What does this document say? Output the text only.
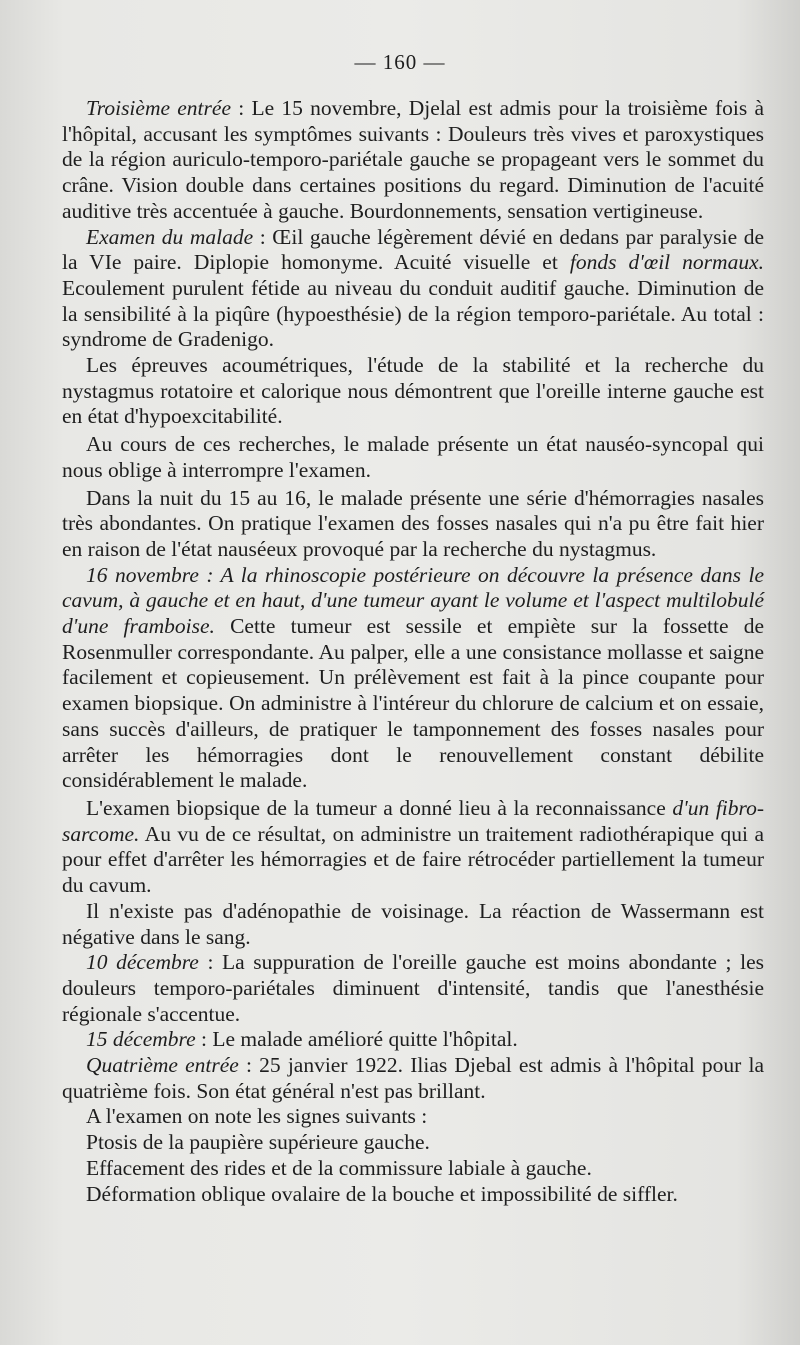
— 160 —

Troisième entrée : Le 15 novembre, Djelal est admis pour la troisième fois à l'hôpital, accusant les symptômes suivants : Douleurs très vives et paroxystiques de la région auriculo-temporo-pariétale gauche se propageant vers le sommet du crâne. Vision double dans certaines positions du regard. Diminution de l'acuité auditive très accentuée à gauche. Bourdonnements, sensation vertigineuse.

Examen du malade : Œil gauche légèrement dévié en dedans par paralysie de la VIe paire. Diplopie homonyme. Acuité visuelle et fonds d'œil normaux. Ecoulement purulent fétide au niveau du conduit auditif gauche. Diminution de la sensibilité à la piqûre (hypoesthésie) de la région temporo-pariétale. Au total : syndrome de Gradenigo.

Les épreuves acoumétriques, l'étude de la stabilité et la recherche du nystagmus rotatoire et calorique nous démontrent que l'oreille interne gauche est en état d'hypoexcitabilité.

Au cours de ces recherches, le malade présente un état nauséo-syncopal qui nous oblige à interrompre l'examen.

Dans la nuit du 15 au 16, le malade présente une série d'hémorragies nasales très abondantes. On pratique l'examen des fosses nasales qui n'a pu être fait hier en raison de l'état nauséeux provoqué par la recherche du nystagmus.

16 novembre : A la rhinoscopie postérieure on découvre la présence dans le cavum, à gauche et en haut, d'une tumeur ayant le volume et l'aspect multilobulé d'une framboise. Cette tumeur est sessile et empiète sur la fossette de Rosenmuller correspondante. Au palper, elle a une consistance mollasse et saigne facilement et copieusement. Un prélèvement est fait à la pince coupante pour examen biopsique. On administre à l'intéreur du chlorure de calcium et on essaie, sans succès d'ailleurs, de pratiquer le tamponnement des fosses nasales pour arrêter les hémorragies dont le renouvellement constant débilite considérablement le malade.

L'examen biopsique de la tumeur a donné lieu à la reconnaissance d'un fibro-sarcome. Au vu de ce résultat, on administre un traitement radiothérapique qui a pour effet d'arrêter les hémorragies et de faire rétrocéder partiellement la tumeur du cavum.

Il n'existe pas d'adénopathie de voisinage. La réaction de Wassermann est négative dans le sang.

10 décembre : La suppuration de l'oreille gauche est moins abondante ; les douleurs temporo-pariétales diminuent d'intensité, tandis que l'anesthésie régionale s'accentue.

15 décembre : Le malade amélioré quitte l'hôpital.

Quatrième entrée : 25 janvier 1922. Ilias Djebal est admis à l'hôpital pour la quatrième fois. Son état général n'est pas brillant.

A l'examen on note les signes suivants :

Ptosis de la paupière supérieure gauche.

Effacement des rides et de la commissure labiale à gauche.

Déformation oblique ovalaire de la bouche et impossibilité de siffler.
